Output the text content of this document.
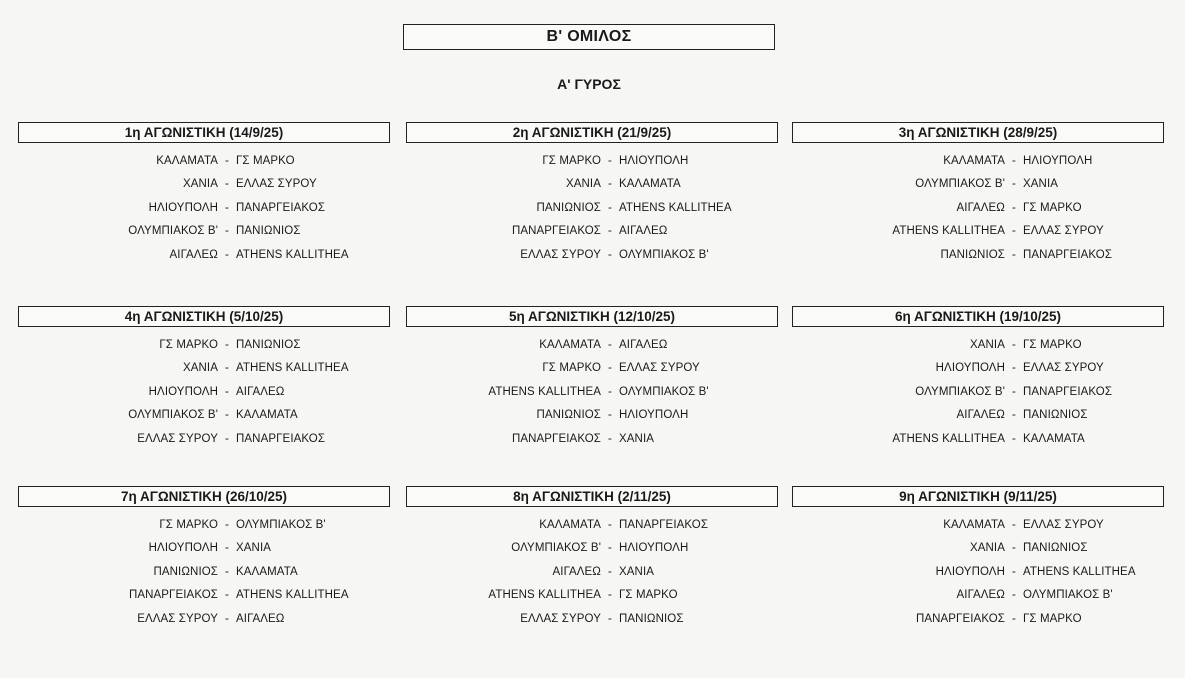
Β' ΟΜΙΛΟΣ
Α' ΓΥΡΟΣ
1η ΑΓΩΝΙΣΤΙΚΗ (14/9/25)
ΚΑΛΑΜΑΤΑ - ΓΣ ΜΑΡΚΟ
ΧΑΝΙΑ - ΕΛΛΑΣ ΣΥΡΟΥ
ΗΛΙΟΥΠΟΛΗ - ΠΑΝΑΡΓΕΙΑΚΟΣ
ΟΛΥΜΠΙΑΚΟΣ Β' - ΠΑΝΙΩΝΙΟΣ
ΑΙΓΑΛΕΩ - ATHENS KALLITHEA
2η ΑΓΩΝΙΣΤΙΚΗ (21/9/25)
ΓΣ ΜΑΡΚΟ - ΗΛΙΟΥΠΟΛΗ
ΧΑΝΙΑ - ΚΑΛΑΜΑΤΑ
ΠΑΝΙΩΝΙΟΣ - ATHENS KALLITHEA
ΠΑΝΑΡΓΕΙΑΚΟΣ - ΑΙΓΑΛΕΩ
ΕΛΛΑΣ ΣΥΡΟΥ - ΟΛΥΜΠΙΑΚΟΣ Β'
3η ΑΓΩΝΙΣΤΙΚΗ (28/9/25)
ΚΑΛΑΜΑΤΑ - ΗΛΙΟΥΠΟΛΗ
ΟΛΥΜΠΙΑΚΟΣ Β' - ΧΑΝΙΑ
ΑΙΓΑΛΕΩ - ΓΣ ΜΑΡΚΟ
ATHENS KALLITHEA - ΕΛΛΑΣ ΣΥΡΟΥ
ΠΑΝΙΩΝΙΟΣ - ΠΑΝΑΡΓΕΙΑΚΟΣ
4η ΑΓΩΝΙΣΤΙΚΗ (5/10/25)
ΓΣ ΜΑΡΚΟ - ΠΑΝΙΩΝΙΟΣ
ΧΑΝΙΑ - ATHENS KALLITHEA
ΗΛΙΟΥΠΟΛΗ - ΑΙΓΑΛΕΩ
ΟΛΥΜΠΙΑΚΟΣ Β' - ΚΑΛΑΜΑΤΑ
ΕΛΛΑΣ ΣΥΡΟΥ - ΠΑΝΑΡΓΕΙΑΚΟΣ
5η ΑΓΩΝΙΣΤΙΚΗ (12/10/25)
ΚΑΛΑΜΑΤΑ - ΑΙΓΑΛΕΩ
ΓΣ ΜΑΡΚΟ - ΕΛΛΑΣ ΣΥΡΟΥ
ATHENS KALLITHEA - ΟΛΥΜΠΙΑΚΟΣ Β'
ΠΑΝΙΩΝΙΟΣ - ΗΛΙΟΥΠΟΛΗ
ΠΑΝΑΡΓΕΙΑΚΟΣ - ΧΑΝΙΑ
6η ΑΓΩΝΙΣΤΙΚΗ (19/10/25)
ΧΑΝΙΑ - ΓΣ ΜΑΡΚΟ
ΗΛΙΟΥΠΟΛΗ - ΕΛΛΑΣ ΣΥΡΟΥ
ΟΛΥΜΠΙΑΚΟΣ Β' - ΠΑΝΑΡΓΕΙΑΚΟΣ
ΑΙΓΑΛΕΩ - ΠΑΝΙΩΝΙΟΣ
ATHENS KALLITHEA - ΚΑΛΑΜΑΤΑ
7η ΑΓΩΝΙΣΤΙΚΗ (26/10/25)
ΓΣ ΜΑΡΚΟ - ΟΛΥΜΠΙΑΚΟΣ Β'
ΗΛΙΟΥΠΟΛΗ - ΧΑΝΙΑ
ΠΑΝΙΩΝΙΟΣ - ΚΑΛΑΜΑΤΑ
ΠΑΝΑΡΓΕΙΑΚΟΣ - ATHENS KALLITHEA
ΕΛΛΑΣ ΣΥΡΟΥ - ΑΙΓΑΛΕΩ
8η ΑΓΩΝΙΣΤΙΚΗ (2/11/25)
ΚΑΛΑΜΑΤΑ - ΠΑΝΑΡΓΕΙΑΚΟΣ
ΟΛΥΜΠΙΑΚΟΣ Β' - ΗΛΙΟΥΠΟΛΗ
ΑΙΓΑΛΕΩ - ΧΑΝΙΑ
ATHENS KALLITHEA - ΓΣ ΜΑΡΚΟ
ΕΛΛΑΣ ΣΥΡΟΥ - ΠΑΝΙΩΝΙΟΣ
9η ΑΓΩΝΙΣΤΙΚΗ (9/11/25)
ΚΑΛΑΜΑΤΑ - ΕΛΛΑΣ ΣΥΡΟΥ
ΧΑΝΙΑ - ΠΑΝΙΩΝΙΟΣ
ΗΛΙΟΥΠΟΛΗ - ATHENS KALLITHEA
ΑΙΓΑΛΕΩ - ΟΛΥΜΠΙΑΚΟΣ Β'
ΠΑΝΑΡΓΕΙΑΚΟΣ - ΓΣ ΜΑΡΚΟ
